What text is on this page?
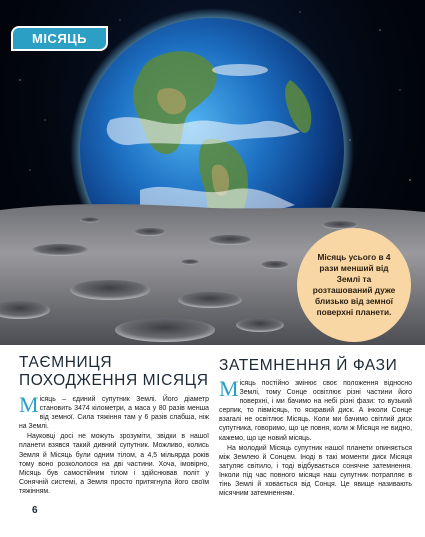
МІСЯЦЬ
Місяць усього в 4 рази менший від Землі та розташований дуже близько від земної поверхні планети.
ТАЄМНИЦЯ
ПОХОДЖЕННЯ МІСЯЦЯ

Місяць – єдиний супутник Землі. Його діаметр становить 3474 кілометри, а маса у 80 разів менша від земної. Сила тяжіння там у 6 разів слабша, ніж на Землі.

Науковці досі не можуть зрозуміти, звідки в нашої планети взявся такий дивний супутник. Можливо, колись Земля й Місяць були одним тілом, а 4,5 мільярда років тому воно розкололося на дві частини. Хоча, імовірно, Місяць був самостійним тілом і здійснював політ у Сонячній системі, а Земля просто притягнула його своїм тяжінням.

6
ЗАТЕМНЕННЯ Й ФАЗИ

Місяць постійно змінює своє положення відносно Землі, тому Сонце освітлює різні частини його поверхні, і ми бачимо на небі різні фази: то вузький серпик, то півмісяць, то яскравий диск. А інколи Сонце взагалі не освітлює Місяць. Коли ми бачимо світлий диск супутника, говоримо, що це повня, коли ж Місяця не видно, кажемо, що це новий місяць.

На молодий Місяць супутник нашої планети опиняється між Землею й Сонцем. Іноді в такі моменти диск Місяця затуляє світило, і тоді відбувається сонячне затемнення. Інколи під час повного місяця наш супутник потрапляє в тінь Землі й ховається від Сонця. Це явище називають місячним затемненням.
